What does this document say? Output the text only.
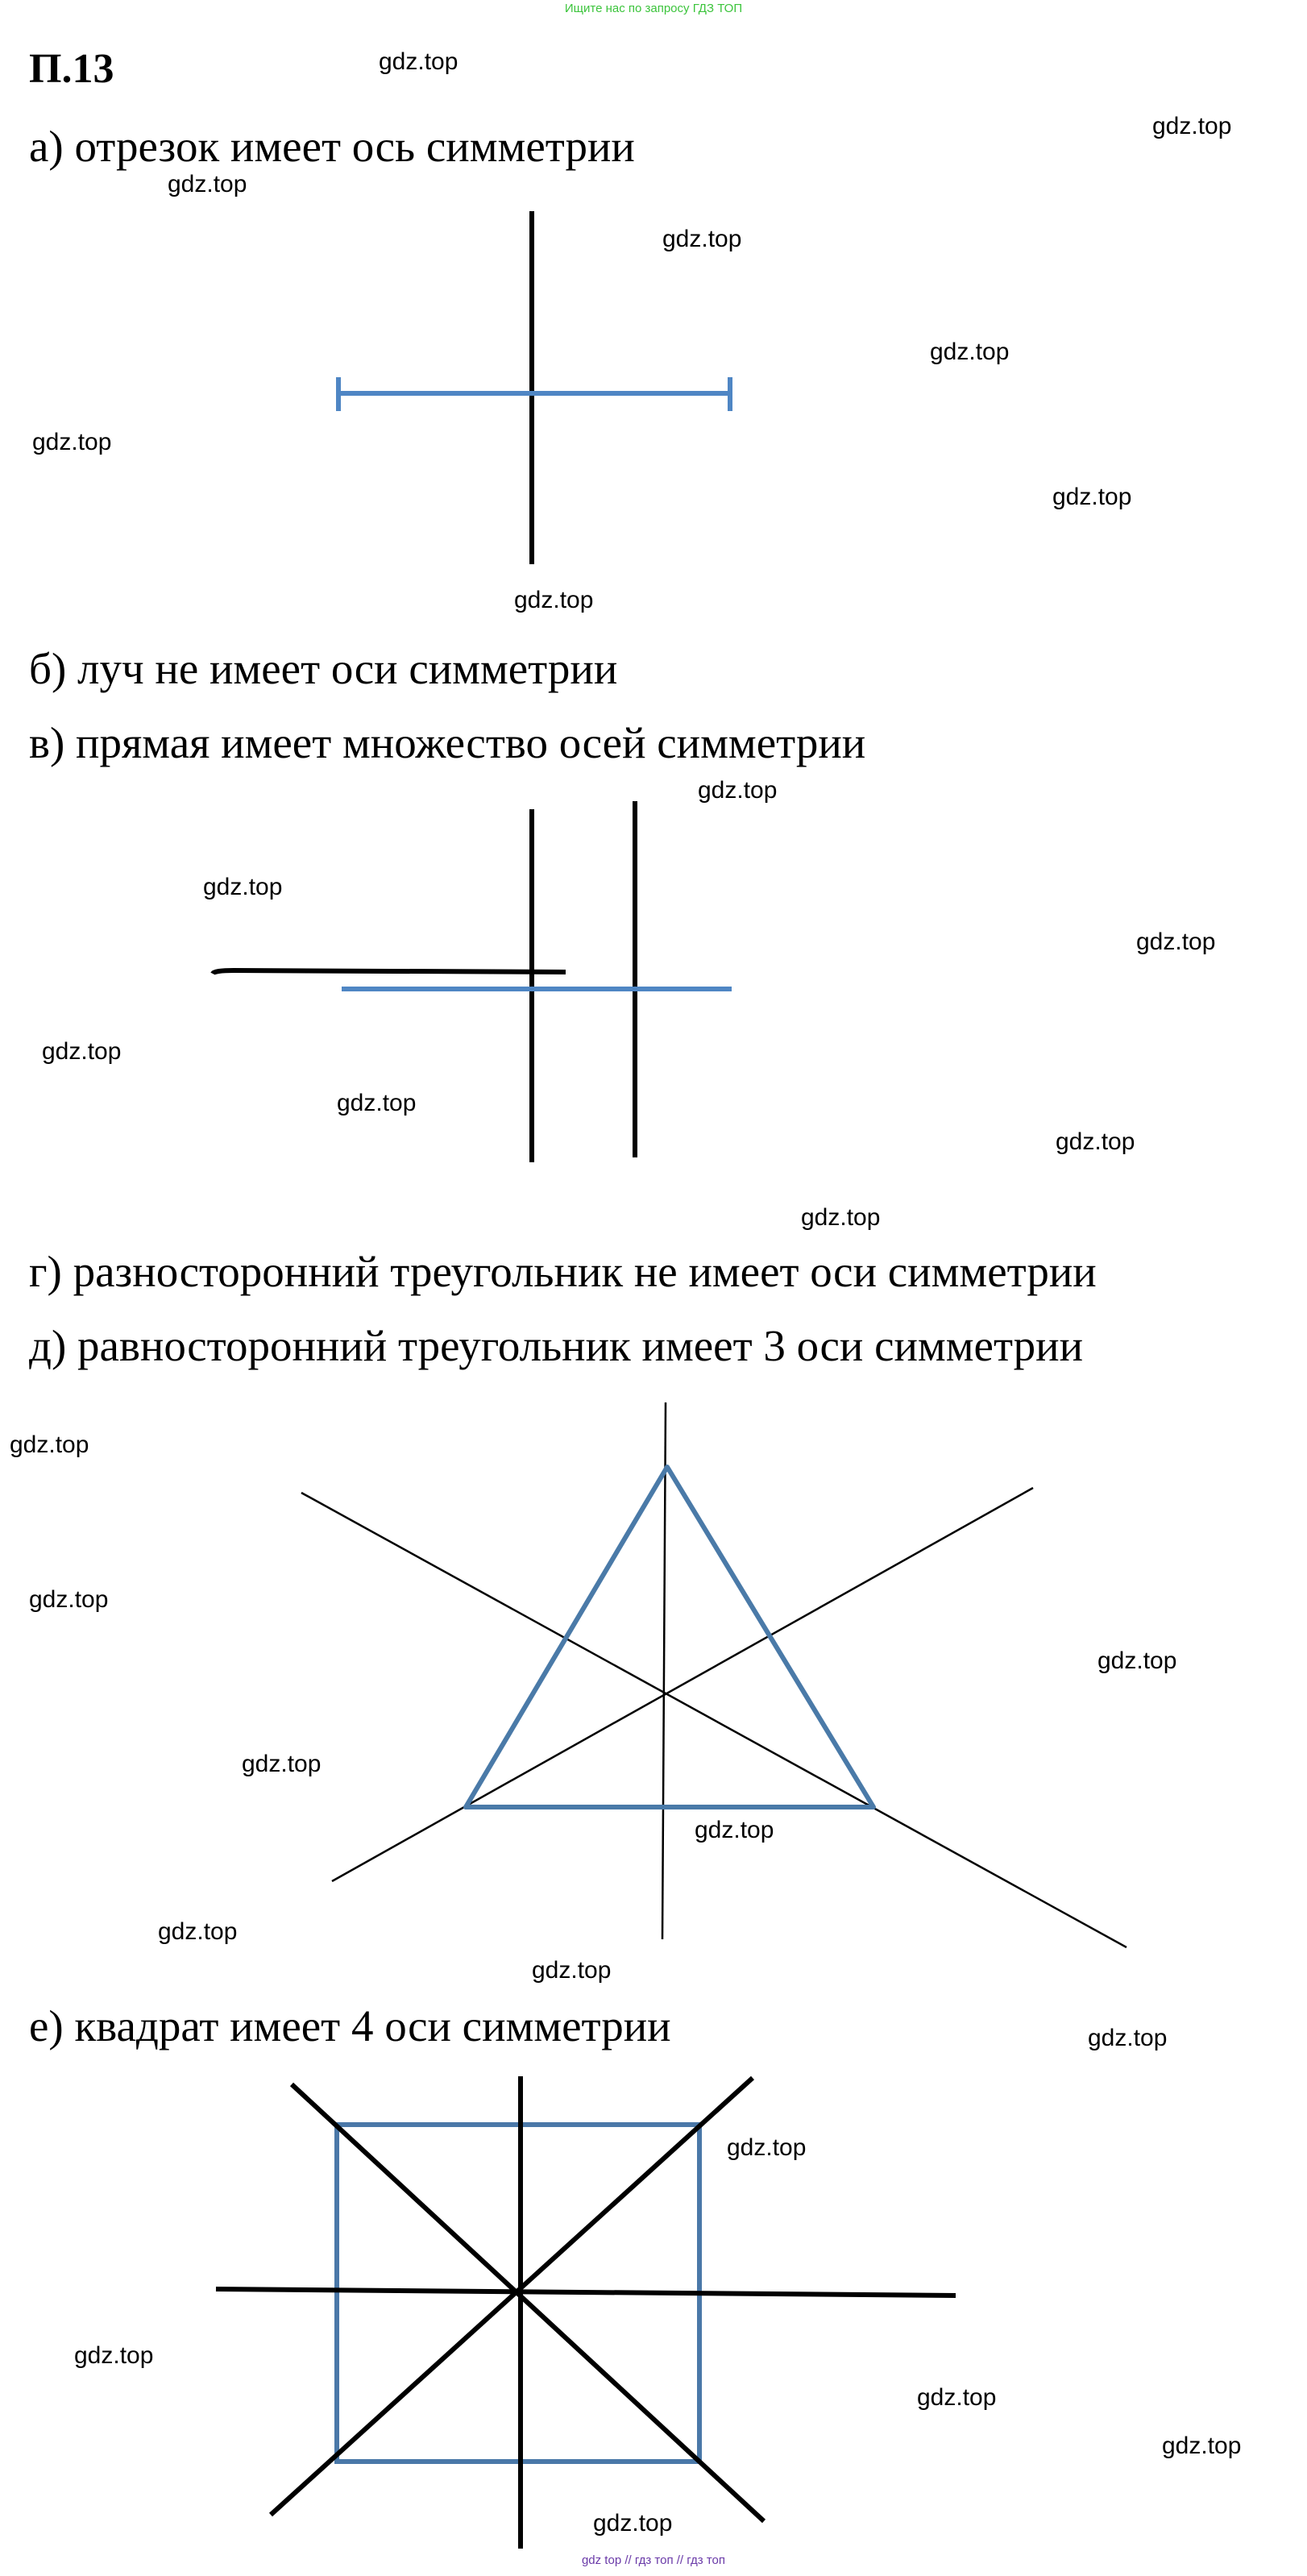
Ищите нас по запросу ГДЗ ТОП
П.13
а) отрезок имеет ось симметрии
б) луч не имеет оси симметрии
в) прямая имеет множество осей симметрии
г) разносторонний треугольник не имеет оси симметрии
д) равносторонний треугольник имеет 3 оси симметрии
е) квадрат имеет 4 оси симметрии
gdz.top
gdz.top
gdz.top
gdz.top
gdz.top
gdz.top
gdz.top
gdz.top
gdz.top
gdz.top
gdz.top
gdz.top
gdz.top
gdz.top
gdz.top
gdz.top
gdz.top
gdz.top
gdz.top
gdz.top
gdz.top
gdz.top
gdz.top
gdz.top
gdz.top
gdz.top
gdz.top
gdz.top
gdz top // гдз топ // гдз топ
